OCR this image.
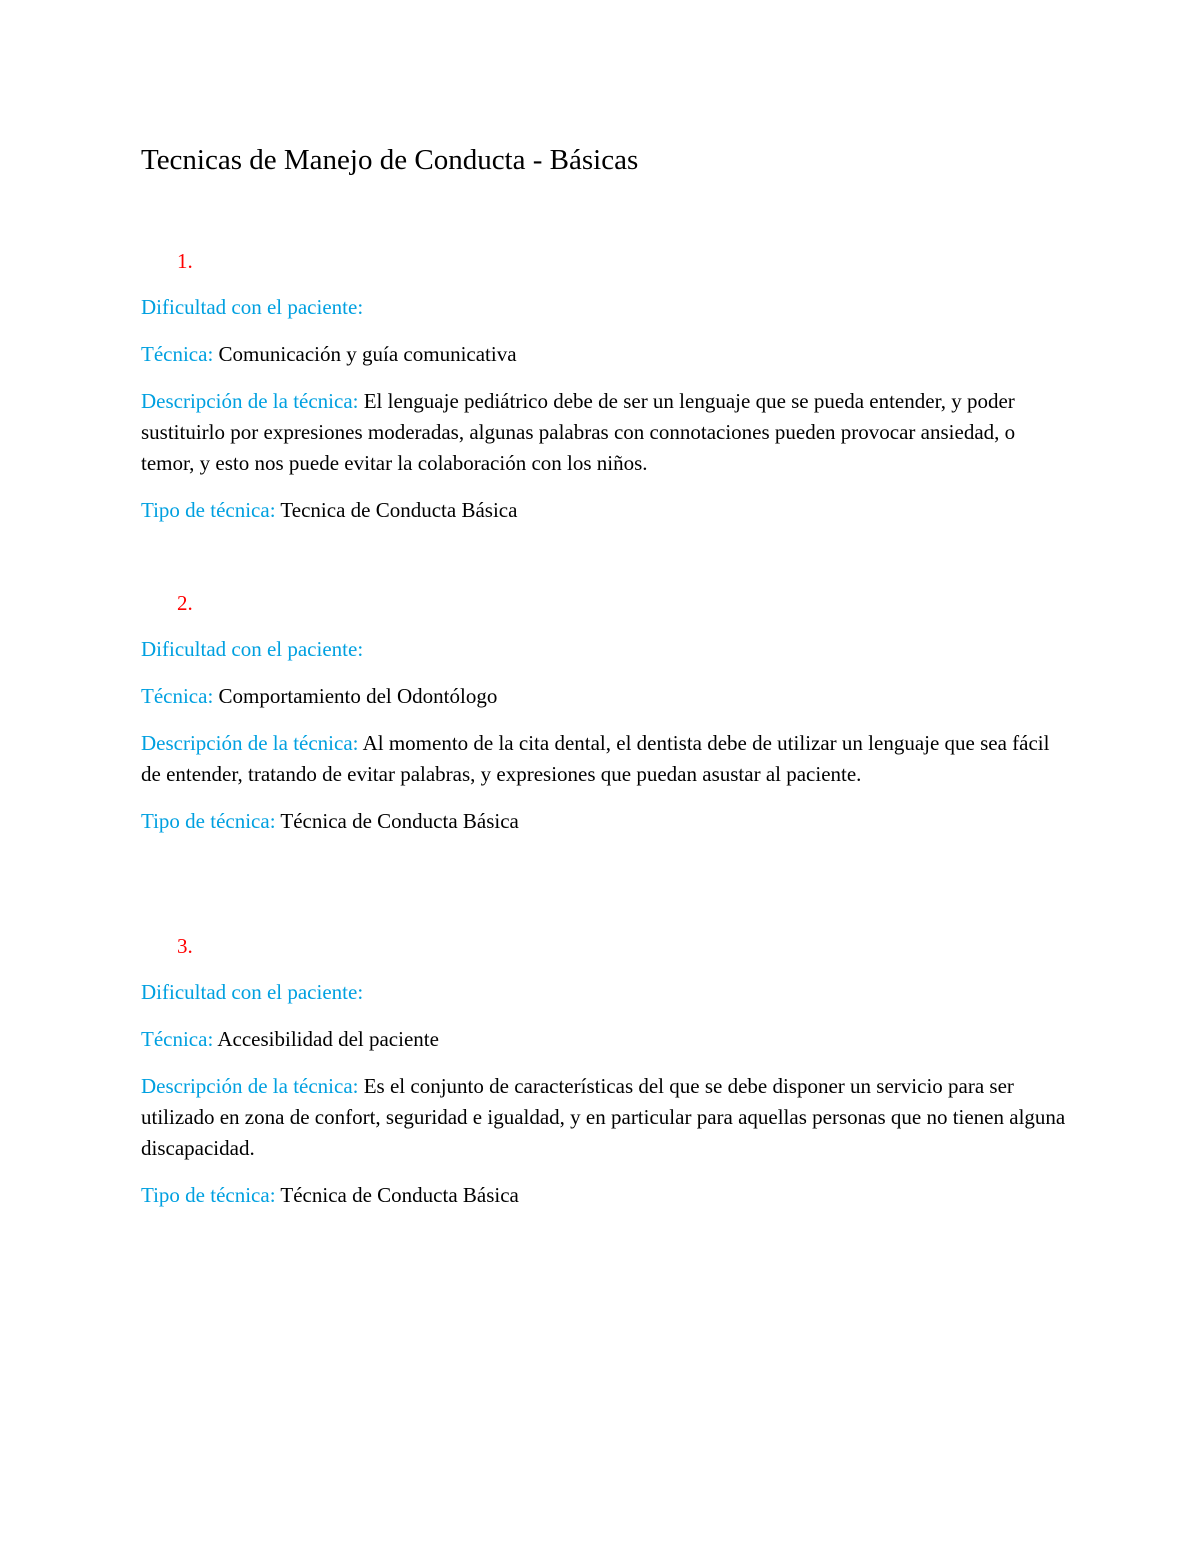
Tecnicas de Manejo de Conducta - Básicas

1.

Dificultad con el paciente:

Técnica: Comunicación y guía comunicativa

Descripción de la técnica: El lenguaje pediátrico debe de ser un lenguaje que se pueda entender, y poder sustituirlo por expresiones moderadas, algunas palabras con connotaciones pueden provocar ansiedad, o temor, y esto nos puede evitar la colaboración con los niños.

Tipo de técnica: Tecnica de Conducta Básica

2.

Dificultad con el paciente:

Técnica: Comportamiento del Odontólogo

Descripción de la técnica: Al momento de la cita dental, el dentista debe de utilizar un lenguaje que sea fácil de entender, tratando de evitar palabras, y expresiones que puedan asustar al paciente.

Tipo de técnica: Técnica de Conducta Básica

3.

Dificultad con el paciente:

Técnica: Accesibilidad del paciente

Descripción de la técnica: Es el conjunto de características del que se debe disponer un servicio para ser utilizado en zona de confort, seguridad e igualdad, y en particular para aquellas personas que no tienen alguna discapacidad.

Tipo de técnica: Técnica de Conducta Básica
